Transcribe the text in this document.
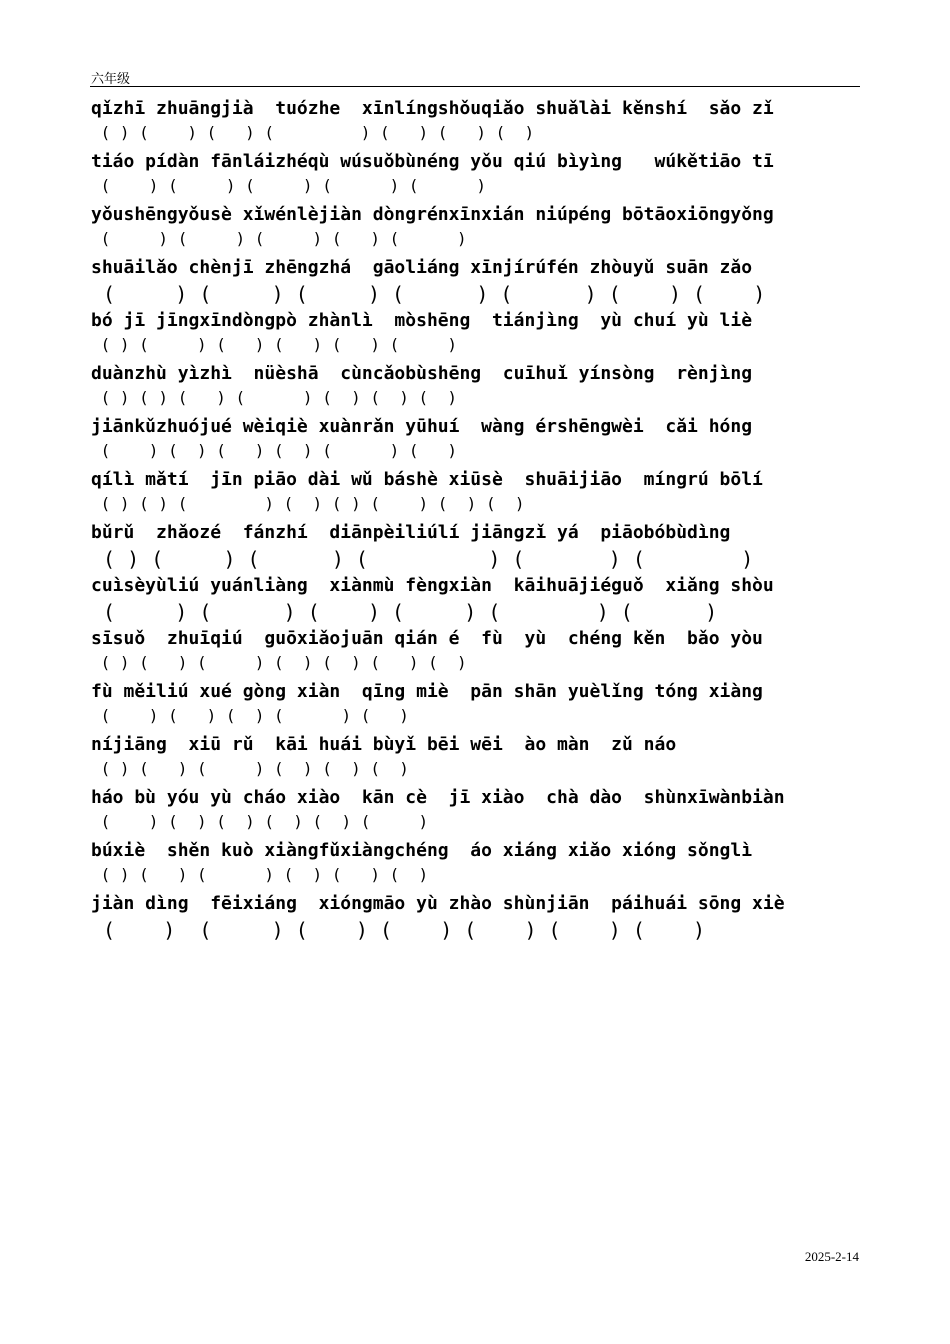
六年级
qǐzhī zhuāngjià  tuózhe  xīnlíngshǒuqiǎo shuǎlài kěnshí  sǎo zǐ
( ) (    ) (   ) (         ) (   ) (   ) (  )
tiáo pídàn fānláizhéqù wúsuǒbùnéng yǒu qiú bìyìng   wúkětiāo tī
(    ) (     ) (     ) (      ) (      )
yǒushēngyǒusè xǐwénlèjiàn dòngrénxīnxián niúpéng bōtāoxiōngyǒng
(     ) (     ) (     ) (   ) (      )
shuāilǎo chènjī zhēngzhá  gāoliáng xīnjírúfén zhòuyǔ suān zǎo
(     ) (     ) (     ) (      ) (      ) (    ) (    )
bó jī jīngxīndòngpò zhànlì  mòshēng  tiánjìng  yù chuí yù liè
( ) (     ) (   ) (   ) (   ) (     )
duànzhù yìzhì  nüèshā  cùncǎobùshēng  cuīhuǐ yínsòng  rènjìng
( ) ( ) (   ) (      ) (  ) (  ) (  )
jiānkǔzhuójué wèiqiè xuànrǎn yūhuí  wàng érshēngwèi  cǎi hóng
(    ) (  ) (   ) (  ) (      ) (   )
qílì mǎtí  jīn piāo dài wǔ báshè xiūsè  shuāijiāo  míngrú bōlí
( ) ( ) (        ) (  ) ( ) (    ) (  ) (  )
bǔrǔ  zhǎozé  fánzhí  diānpèiliúlí jiāngzǐ yá  piāobóbùdìng
( ) (     ) (      ) (          ) (       ) (        )
cuìsèyùliú yuánliàng  xiànmù fèngxiàn  kāihuājiéguǒ  xiǎng shòu
(     ) (      ) (    ) (     ) (        ) (      )
sīsuǒ  zhuīqiú  guōxiǎojuān qián é  fù  yù  chéng kěn  bǎo yòu
( ) (   ) (     ) (  ) (  ) (   ) (  )
fù měiliú xué gòng xiàn  qīng miè  pān shān yuèlǐng tóng xiàng
(    ) (   ) (  ) (      ) (   )
níjiāng  xiū rǔ  kāi huái bùyǐ bēi wēi  ào màn  zǔ náo
( ) (   ) (     ) (  ) (  ) (  )
háo bù yóu yù cháo xiào  kān cè  jī xiào  chà dào  shùnxīwànbiàn
(    ) (  ) (  ) (  ) (  ) (     )
búxiè  shěn kuò xiàngfǔxiàngchéng  áo xiáng xiǎo xióng sǒnglì
( ) (   ) (      ) (  ) (   ) (  )
jiàn dìng  fēixiáng  xióngmāo yù zhào shùnjiān  páihuái sōng xiè
(    )  (     ) (    ) (    ) (    ) (    ) (    )
2025-2-14
